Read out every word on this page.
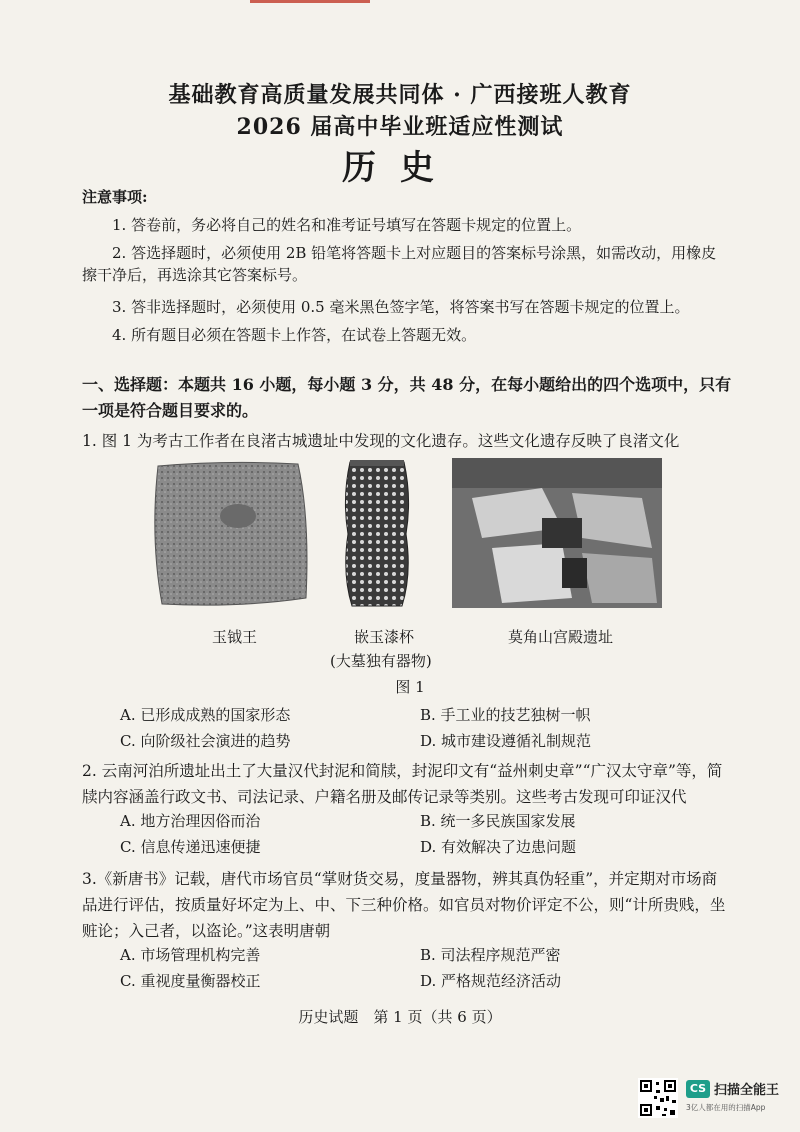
基础教育高质量发展共同体 · 广西接班人教育
2026 届高中毕业班适应性测试
历史
注意事项:
1. 答卷前，务必将自己的姓名和准考证号填写在答题卡规定的位置上。
2. 答选择题时，必须使用 2B 铅笔将答题卡上对应题目的答案标号涂黑，如需改动，用橡皮擦干净后，再选涂其它答案标号。
3. 答非选择题时，必须使用 0.5 毫米黑色签字笔，将答案书写在答题卡规定的位置上。
4. 所有题目必须在答题卡上作答，在试卷上答题无效。
一、选择题：本题共 16 小题，每小题 3 分，共 48 分，在每小题给出的四个选项中，只有一项是符合题目要求的。
1. 图 1 为考古工作者在良渚古城遗址中发现的文化遗存。这些文化遗存反映了良渚文化
玉钺王	嵌玉漆杯	莫角山宫殿遗址
(大墓独有器物)
图 1
A. 已形成成熟的国家形态	B. 手工业的技艺独树一帜
C. 向阶级社会演进的趋势	D. 城市建设遵循礼制规范
2. 云南河泊所遗址出土了大量汉代封泥和简牍，封泥印文有“益州刺史章”“广汉太守章”等，简牍内容涵盖行政文书、司法记录、户籍名册及邮传记录等类别。这些考古发现可印证汉代
A. 地方治理因俗而治	B. 统一多民族国家发展
C. 信息传递迅速便捷	D. 有效解决了边患问题
3.《新唐书》记载，唐代市场官员“掌财货交易，度量器物，辨其真伪轻重”，并定期对市场商品进行评估，按质量好坏定为上、中、下三种价格。如官员对物价评定不公，则“计所贵贱，坐赃论；入己者，以盗论。”这表明唐朝
A. 市场管理机构完善	B. 司法程序规范严密
C. 重视度量衡器校正	D. 严格规范经济活动
历史试题　第 1 页（共 6 页）
CS 扫描全能王
3亿人都在用的扫描App
